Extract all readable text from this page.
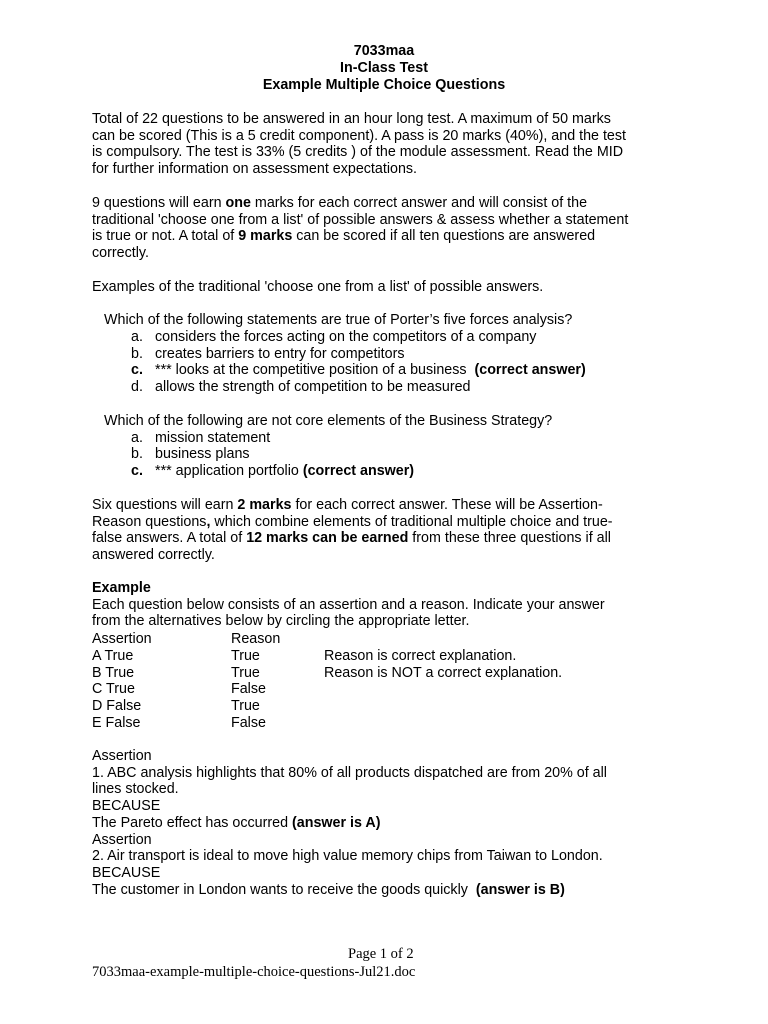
7033maa
In-Class Test
Example Multiple Choice Questions

Total of 22 questions to be answered in an hour long test. A maximum of 50 marks

can be scored (This is a 5 credit component). A pass is 20 marks (40%), and the test

is compulsory. The test is 33% (5 credits ) of the module assessment. Read the MID

for further information on assessment expectations.

9 questions will earn one marks for each correct answer and will consist of the

traditional 'choose one from a list' of possible answers & assess whether a statement

is true or not. A total of 9 marks can be scored if all ten questions are answered

correctly.

Examples of the traditional 'choose one from a list' of possible answers.
Which of the following statements are true of Porter’s five forces analysis?
a. considers the forces acting on the competitors of a company
b. creates barriers to entry for competitors
c. *** looks at the competitive position of a business  (correct answer)
d. allows the strength of competition to be measured
Which of the following are not core elements of the Business Strategy?
a. mission statement
b. business plans
c. *** application portfolio (correct answer)

Six questions will earn 2 marks for each correct answer. These will be Assertion-

Reason questions, which combine elements of traditional multiple choice and true-

false answers. A total of 12 marks can be earned from these three questions if all

answered correctly.

Example

Each question below consists of an assertion and a reason. Indicate your answer

from the alternatives below by circling the appropriate letter.

Assertion	Reason
A True	True	Reason is correct explanation.
B True	True	Reason is NOT a correct explanation.
C True	False
D False	True
E False	False

Assertion

1. ABC analysis highlights that 80% of all products dispatched are from 20% of all

lines stocked.

BECAUSE

The Pareto effect has occurred (answer is A)

Assertion

2. Air transport is ideal to move high value memory chips from Taiwan to London.

BECAUSE

The customer in London wants to receive the goods quickly  (answer is B)

Page 1 of 2
7033maa-example-multiple-choice-questions-Jul21.doc
